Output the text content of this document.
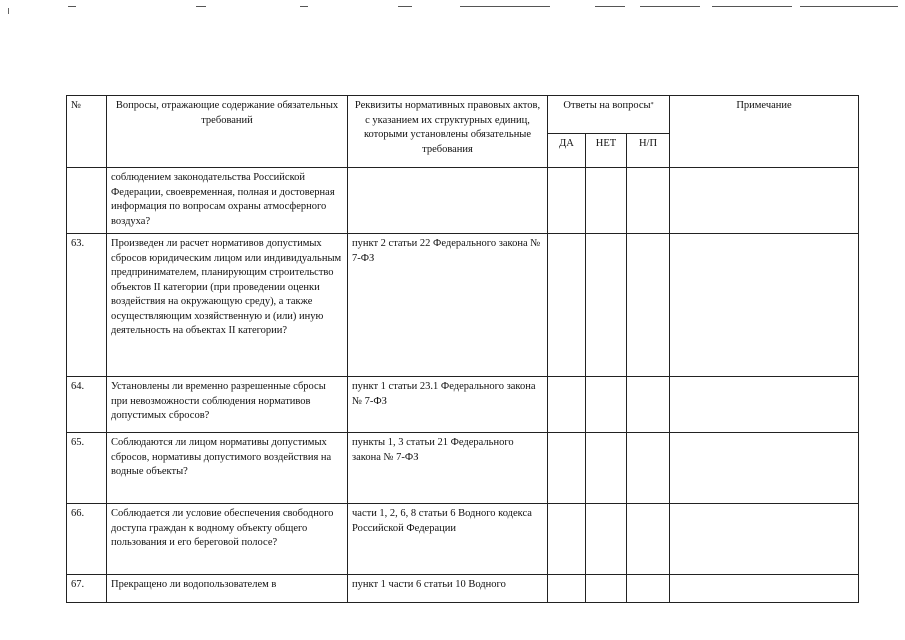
№	Вопросы, отражающие содержание обязательных требований	Реквизиты нормативных правовых актов, с указанием их структурных единиц, которыми установлены обязательные требования	Ответы на вопросы*			Примечание
			ДА	НЕТ	Н/П	
	соблюдением законодательства Российской Федерации, своевременная, полная и достоверная информация по вопросам охраны атмосферного воздуха?					
63.	Произведен ли расчет нормативов допустимых сбросов юридическим лицом или индивидуальным предпринимателем, планирующим строительство объектов II категории (при проведении оценки воздействия на окружающую среду), а также осуществляющим хозяйственную и (или) иную деятельность на объектах II категории?	пункт 2 статьи 22 Федерального закона № 7-ФЗ				
64.	Установлены ли временно разрешенные сбросы при невозможности соблюдения нормативов допустимых сбросов?	пункт 1 статьи 23.1 Федерального закона № 7-ФЗ				
65.	Соблюдаются ли лицом нормативы допустимых сбросов, нормативы допустимого воздействия на водные объекты?	пункты 1, 3 статьи 21 Федерального закона № 7-ФЗ				
66.	Соблюдается ли условие обеспечения свободного доступа граждан к водному объекту общего пользования и его береговой полосе?	части 1, 2, 6, 8 статьи 6 Водного кодекса Российской Федерации				
67.	Прекращено ли водопользователем в	пункт 1 части 6 статьи 10 Водного				
